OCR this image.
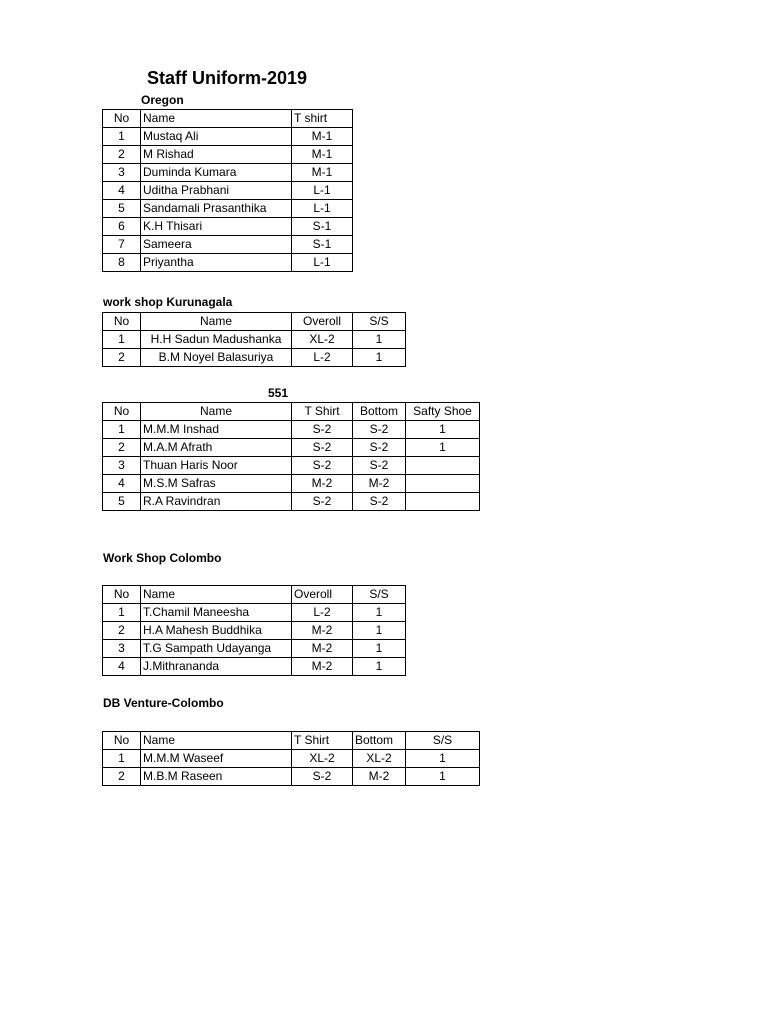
Staff Uniform-2019
Oregon
No	Name	T shirt
1	Mustaq Ali	M-1
2	M Rishad	M-1
3	Duminda Kumara	M-1
4	Uditha Prabhani	L-1
5	Sandamali Prasanthika	L-1
6	K.H Thisari	S-1
7	Sameera	S-1
8	Priyantha	L-1
work shop Kurunagala
No	Name	Overoll	S/S
1	H.H Sadun Madushanka	XL-2	1
2	B.M Noyel Balasuriya	L-2	1
551
No	Name	T Shirt	Bottom	Safty Shoe
1	M.M.M Inshad	S-2	S-2	1
2	M.A.M Afrath	S-2	S-2	1
3	Thuan Haris Noor	S-2	S-2	
4	M.S.M Safras	M-2	M-2	
5	R.A Ravindran	S-2	S-2	
Work Shop Colombo
No	Name	Overoll	S/S
1	T.Chamil Maneesha	L-2	1
2	H.A Mahesh Buddhika	M-2	1
3	T.G Sampath Udayanga	M-2	1
4	J.Mithrananda	M-2	1
DB Venture-Colombo
No	Name	T Shirt	Bottom	S/S
1	M.M.M Waseef	XL-2	XL-2	1
2	M.B.M Raseen	S-2	M-2	1
